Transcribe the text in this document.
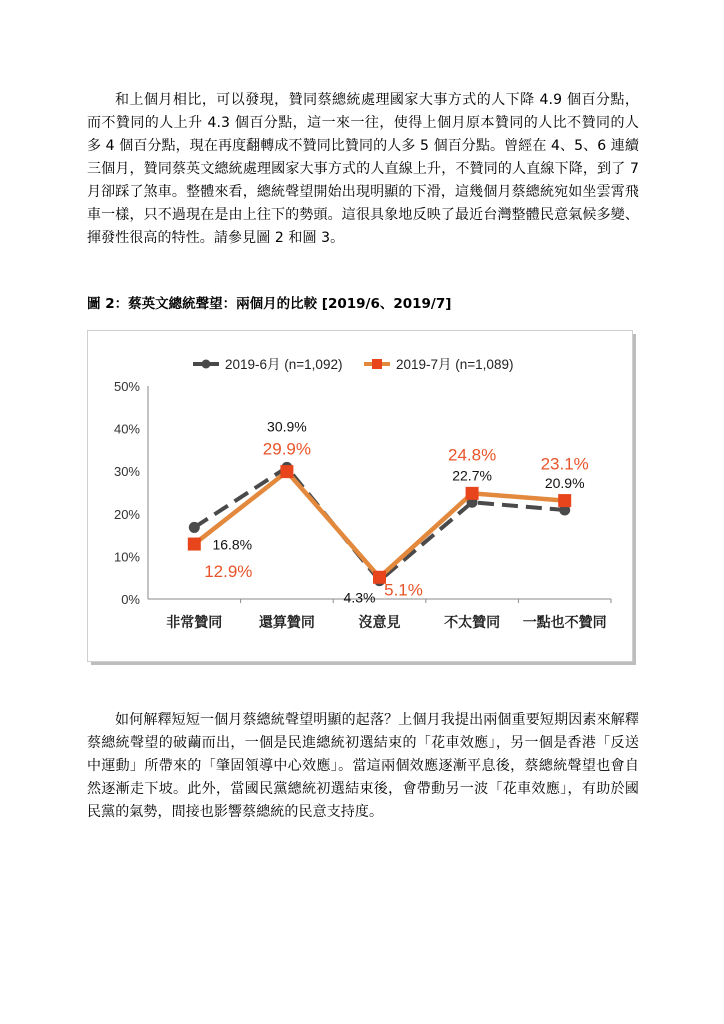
和上個月相比，可以發現，贊同蔡總統處理國家大事方式的人下降 4.9 個百分點，而不贊同的人上升 4.3 個百分點，這一來一往，使得上個月原本贊同的人比不贊同的人多 4 個百分點，現在再度翻轉成不贊同比贊同的人多 5 個百分點。曾經在 4、5、6 連續三個月，贊同蔡英文總統處理國家大事方式的人直線上升，不贊同的人直線下降，到了 7 月卻踩了煞車。整體來看，總統聲望開始出現明顯的下滑，這幾個月蔡總統宛如坐雲霄飛車一樣，只不過現在是由上往下的勢頭。這很具象地反映了最近台灣整體民意氣候多變、揮發性很高的特性。請參見圖 2 和圖 3。

圖 2：蔡英文總統聲望：兩個月的比較 [2019/6、2019/7]

2019-6月 (n=1,092)	2019-7月 (n=1,089)
0%
10%
20%
30%
40%
50%
非常贊同	還算贊同	沒意見	不太贊同 一點也不贊同
16.8%
30.9%
4.3%
22.7%	20.9%
12.9%
29.9%
5.1%
24.8%	23.1%

如何解釋短短一個月蔡總統聲望明顯的起落？上個月我提出兩個重要短期因素來解釋蔡總統聲望的破繭而出，一個是民進總統初選結束的「花車效應」，另一個是香港「反送中運動」所帶來的「肇固領導中心效應」。當這兩個效應逐漸平息後，蔡總統聲望也會自然逐漸走下坡。此外，當國民黨總統初選結束後，會帶動另一波「花車效應」，有助於國民黨的氣勢，間接也影響蔡總統的民意支持度。
